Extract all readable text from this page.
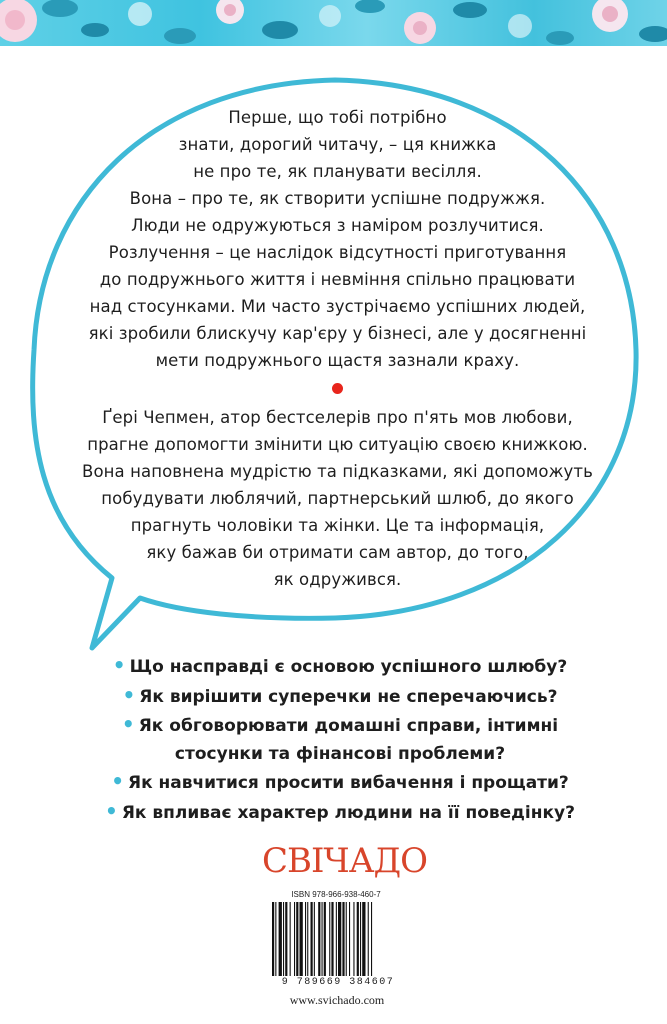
Перше, що тобі потрібно
знати, дорогий читачу, – ця книжка
не про те, як планувати весілля.
Вона – про те, як створити успішне подружжя.
Люди не одружуються з наміром розлучитися.
Розлучення – це наслідок відсутності приготування
до подружнього життя і невміння спільно працювати
над стосунками. Ми часто зустрічаємо успішних людей,
які зробили блискучу кар'єру у бізнесі, але у досягненні
мети подружнього щастя зазнали краху.

Ґері Чепмен, атор бестселерів про п'ять мов любови,
прагне допомогти змінити цю ситуацію своєю книжкою.
Вона наповнена мудрістю та підказками, які допоможуть
побудувати люблячий, партнерський шлюб, до якого
прагнуть чоловіки та жінки. Це та інформація,
яку бажав би отримати сам автор, до того,
як одружився.

• Що насправді є основою успішного шлюбу?
• Як вирішити суперечки не сперечаючись?
• Як обговорювати домашні справи, інтимні
стосунки та фінансові проблеми?
• Як навчитися просити вибачення і прощати?
• Як впливає характер людини на її поведінку?
СВІЧАДО
ISBN 978-966-938-460-7
9 789669 384607
www.svichado.com
